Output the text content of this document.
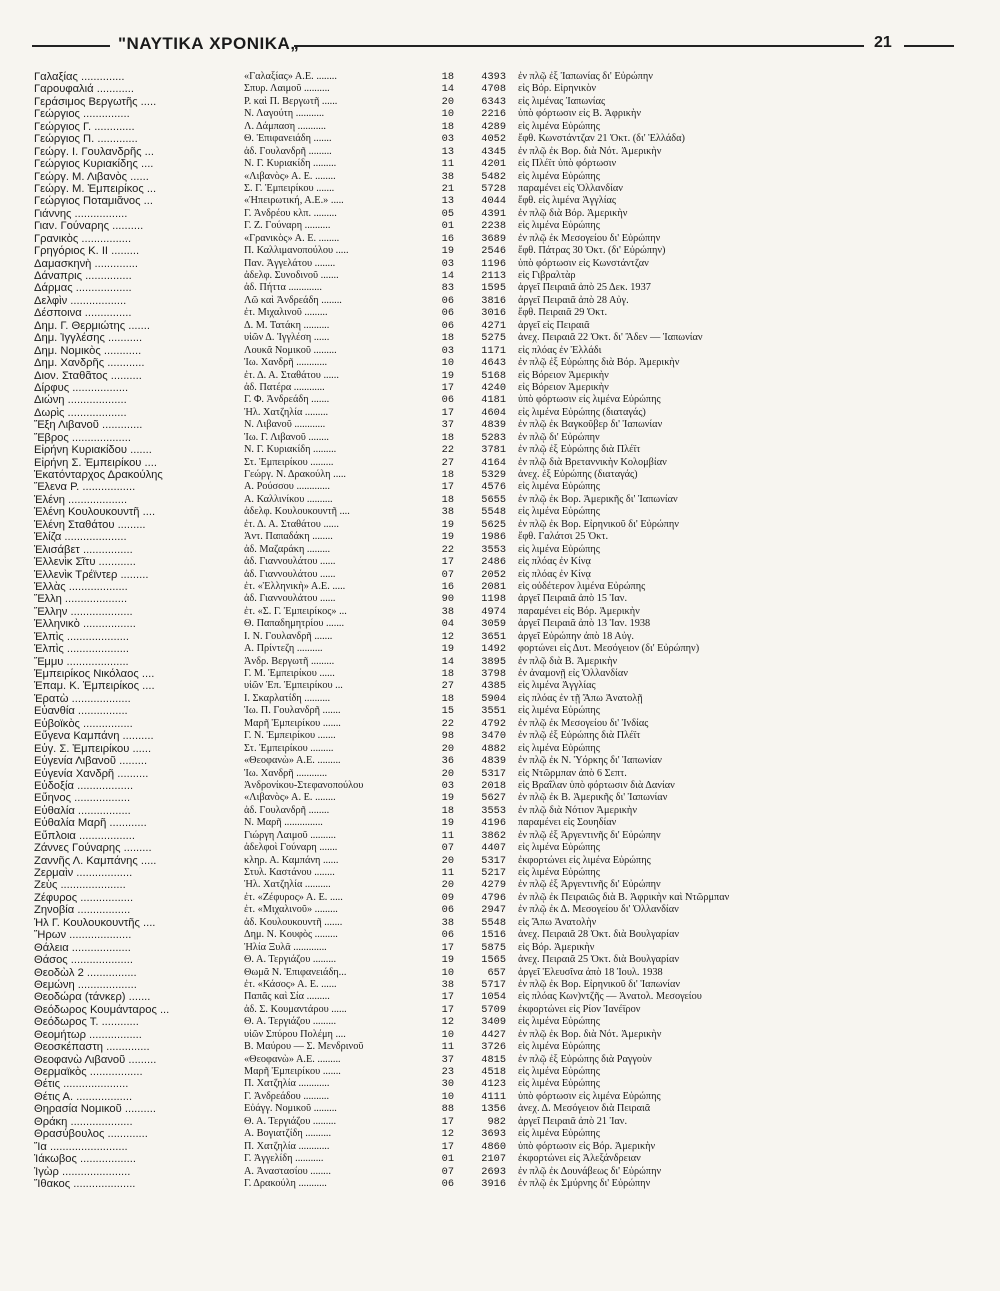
"ΝΑΥΤΙΚΑ ΧΡΟΝΙΚΑ„	21
Γαλαξίας ..............	«Γαλαξίας» Α.Ε. ........	18	4393 ἐν πλῷ ἐξ Ἰαπωνίας δι' Εὐρώπην
Γαρουφαλιά ............	Σπυρ. Λαιμοῦ ..........	14	4708 εἰς Βόρ. Εἰρηνικὸν
Γεράσιμος Βεργωτῆς .....	Ρ. καὶ Π. Βεργωτῆ ......	20	6343 εἰς λιμένας Ἰαπωνίας
Γεώργιος ...............	Ν. Λαγούτη ...........	10	2216 ὑπὸ φόρτωσιν εἰς Β. Ἀφρικὴν
Γεώργιος Γ. .............	Λ. Δάμπαση ...........	18	4289 εἰς λιμένα Εὐρώπης
Γεώργιος Π. .............	Θ. Ἐπιφανειάδη .......	03	4052 ἔφθ. Κωνστάντζαν 21 Ὀκτ. (δι' Ἑλλάδα)
Γεώργ. Ι. Γουλανδρῆς ...	ἀδ. Γουλανδρῆ .........	13	4345 ἐν πλῷ ἐκ Βορ. διὰ Νότ. Ἀμερικὴν
Γεώργιος Κυριακίδης ....	Ν. Γ. Κυριακίδη .........	11	4201 εἰς Πλέϊτ ὑπὸ φόρτωσιν
Γεώργ. Μ. Λιβανὸς ......	«Λιβανὸς» Α. Ε. ........	38	5482 εἰς λιμένα Εὐρώπης
Γεώργ. Μ. Ἐμπειρίκος ...	Σ. Γ. Ἐμπειρίκου .......	21	5728 παραμένει εἰς Ὀλλανδίαν
Γεώργιος Ποταμιᾶνος ...	«Ἠπειρωτική, Α.Ε.» .....	13	4044 ἔφθ. εἰς λιμένα Ἀγγλίας
Γιάννης .................	Γ. Ἀνδρέου κλπ. .........	05	4391 ἐν πλῷ διὰ Βόρ. Ἀμερικὴν
Γιαν. Γούναρης ..........	Γ. Ζ. Γούναρη ..........	01	2238 εἰς λιμένα Εὐρώπης
Γρανικὸς ................	«Γρανικὸς» Α. Ε. ........	16	3689 ἐν πλῷ ἐκ Μεσογείου δι' Εὐρώπην
Γρηγόριος Κ. ΙΙ .........	Π. Καλλιμανοπούλου .....	19	2546 ἔφθ. Πάτρας 30 Ὀκτ. (δι' Εὐρώπην)
Δαμασκηνὴ ..............	Παν. Ἀγγελάτου ........	03	1196 ὑπὸ φόρτωσιν εἰς Κωνστάντζαν
Δάναπρις ...............	ἀδελφ. Συνοδινοῦ .......	14	2113 εἰς Γιβραλτὰρ
Δάρμας ..................	ἀδ. Πήττα .............	83	1595 ἀργεῖ Πειραιᾶ ἀπὸ 25 Δεκ. 1937
Δελφὶν ..................	Λῶ καὶ Ἀνδρεάδη ........	06	3816 ἀργεῖ Πειραιᾶ ἀπὸ 28 Αὐγ.
Δέσποινα ...............	ἐτ. Μιχαλινοῦ .........	06	3016 ἔφθ. Πειραιᾶ 29 Ὀκτ.
Δημ. Γ. Θερμιώτης .......	Δ. Μ. Τατάκη ..........	06	4271 ἀργεῖ εἰς Πειραιᾶ
Δημ. Ἰγγλέσης ...........	υἱῶν Δ. Ἰγγλέση ......	18	5275 ἀνεχ. Πειραιᾶ 22 Ὀκτ. δι' Ἄδεν — Ἰαπωνίαν
Δημ. Νομικὸς ............	Λουκᾶ Νομικοῦ .........	03	1171 εἰς πλόας ἐν Ἑλλάδι
Δημ. Χανδρῆς ............	Ἰω. Χανδρῆ ............	10	4643 ἐν πλῷ ἐξ Εὐρώπης διὰ Βόρ. Ἀμερικὴν
Διον. Σταθᾶτος ..........	ἐτ. Δ. Α. Σταθάτου ......	19	5168 εἰς Βόρειον Ἀμερικὴν
Δίρφυς ..................	ἀδ. Πατέρα ............	17	4240 εἰς Βόρειον Ἀμερικὴν
Διώνη ...................	Γ. Φ. Ἀνδρεάδη .......	06	4181 ὑπὸ φόρτωσιν εἰς λιμένα Εὐρώπης
Δωρὶς ...................	Ἠλ. Χατζηλία .........	17	4604 εἰς λιμένα Εὐρώπης (διαταγάς)
Ἔξη Λιβανοῦ .............	Ν. Λιβανοῦ ............	37	4839 ἐν πλῷ ἐκ Βαγκοῦβερ δι' Ἰαπωνίαν
Ἔβρος ...................	Ἰω. Γ. Λιβανοῦ ........	18	5283 ἐν πλῷ δι' Εὐρώπην
Εἰρήνη Κυριακίδου .......	Ν. Γ. Κυριακίδη .........	22	3781 ἐν πλῷ ἐξ Εὐρώπης διὰ Πλέϊτ
Εἰρήνη Σ. Ἐμπειρίκου ....	Στ. Ἐμπειρίκου .........	27	4164 ἐν πλῷ διὰ Βρεταννικὴν Κολομβίαν
Ἑκατόνταρχος Δρακούλης	Γεώργ. Ν. Δρακούλη .....	18	5329 ἀνεχ. ἐξ Εὐρώπης (διαταγάς)
Ἕλενα Ρ. .................	Α. Ρούσσου .............	17	4576 εἰς λιμένα Εὐρώπης
Ἑλένη ...................	Α. Καλλινίκου ..........	18	5655 ἐν πλῷ ἐκ Βορ. Ἀμερικῆς δι' Ἰαπωνίαν
Ἑλένη Κουλουκουντῆ ....	ἀδελφ. Κουλουκουντῆ ....	38	5548 εἰς λιμένα Εὐρώπης
Ἑλένη Σταθάτου .........	ἐτ. Δ. Α. Σταθάτου ......	19	5625 ἐν πλῷ ἐκ Βορ. Εἰρηνικοῦ δι' Εὐρώπην
Ἑλίζα ....................	Ἀντ. Παπαδάκη ........	19	1986 ἔφθ. Γαλάτσι 25 Ὀκτ.
Ἑλισάβετ ................	ἀδ. Μαζαράκη .........	22	3553 εἰς λιμένα Εὐρώπης
Ἑλλενὶκ Σῖτυ ............	ἀδ. Γιαννουλάτου ......	17	2486 εἰς πλόας ἐν Κίνᾳ
Ἑλλενὶκ Τρέϊντερ .........	ἀδ. Γιαννουλάτου ......	07	2052 εἰς πλόας ἐν Κίνᾳ
Ἑλλὰς ...................	ἐτ. «Ἑλληνικὴ» Α.Ε. .....	16	2081 εἰς οὐδέτερον λιμένα Εὐρώπης
Ἕλλη ....................	ἀδ. Γιαννουλάτου ......	90	1198 ἀργεῖ Πειραιᾶ ἀπὸ 15 Ἰαν.
Ἕλλην ....................	ἐτ. «Σ. Γ. Ἐμπειρίκος» ...	38	4974 παραμένει εἰς Βόρ. Ἀμερικὴν
Ἑλληνικὸ .................	Θ. Παπαδημητρίου .......	04	3059 ἀργεῖ Πειραιᾶ ἀπὸ 13 Ἰαν. 1938
Ἐλπὶς ....................	Ι. Ν. Γουλανδρῆ .......	12	3651 ἀργεῖ Εὐρώπην ἀπὸ 18 Αὐγ.
Ἐλπὶς ....................	Α. Πρίντεζη ..........	19	1492 φορτώνει εἰς Δυτ. Μεσόγειον (δι' Εὐρώπην)
Ἔμμυ ....................	Ἀνδρ. Βεργωτῆ .........	14	3895 ἐν πλῷ διὰ Β. Ἀμερικὴν
Ἐμπειρίκος Νικόλαος ....	Γ. Μ. Ἐμπειρίκου ......	18	3798 ἐν ἀναμονῇ εἰς Ὀλλανδίαν
Ἐπαμ. Κ. Ἐμπειρίκος ....	υἱῶν Ἐπ. Ἐμπειρίκου ...	27	4385 εἰς λιμένα Ἀγγλίας
Ἐρατὼ ...................	Ι. Σκαρλατίδη ..........	18	5904 εἰς πλόας ἐν τῇ Ἄπω Ἀνατολῇ
Εὐανθία ................	Ἰω. Π. Γουλανδρῆ .......	15	3551 εἰς λιμένα Εὐρώπης
Εὐβοϊκὸς ................	Μαρῆ Ἐμπειρίκου .......	22	4792 ἐν πλῷ ἐκ Μεσογείου δι' Ἰνδίας
Εὔγενα Καμπάνη ..........	Γ. Ν. Ἐμπειρίκου .......	98	3470 ἐν πλῷ ἐξ Εὐρώπης διὰ Πλέϊτ
Εὐγ. Σ. Ἐμπειρίκου ......	Στ. Ἐμπειρίκου .........	20	4882 εἰς λιμένα Εὐρώπης
Εὐγενία Λιβανοῦ .........	«Θεοφανὼ» Α.Ε. .........	36	4839 ἐν πλῷ ἐκ Ν. Ὑόρκης δι' Ἰαπωνίαν
Εὐγενία Χανδρῆ ..........	Ἰω. Χανδρῆ ............	20	5317 εἰς Ντῶρμπαν ἀπὸ 6 Σεπτ.
Εὐδοξία ..................	Ἀνδρονίκου-Στεφανοπούλου	03	2018 εἰς Βραΐλαν ὑπὸ φόρτωσιν διὰ Δανίαν
Εὔηνος ..................	«Λιβανὸς» Α. Ε. ........	19	5627 ἐν πλῷ ἐκ Β. Ἀμερικῆς δι' Ἰαπωνίαν
Εὐθαλία .................	ἀδ. Γουλανδρῆ ........	18	3553 ἐν πλῷ διὰ Νότιον Ἀμερικὴν
Εὐθαλία Μαρῆ ............	Ν. Μαρῆ ...............	19	4196 παραμένει εἰς Σουηδίαν
Εὔπλοια ..................	Γιώργη Λαιμοῦ ..........	11	3862 ἐν πλῷ ἐξ Ἀργεντινῆς δι' Εὐρώπην
Ζάννες Γούναρης .........	ἀδελφοὶ Γούναρη .......	07	4407 εἰς λιμένα Εὐρώπης
Ζαννῆς Λ. Καμπάνης .....	κληρ. Α. Καμπάνη ......	20	5317 ἐκφορτώνει εἰς λιμένα Εὐρώπης
Ζερμαὶν ..................	Στυλ. Καστάνου ........	11	5217 εἰς λιμένα Εὐρώπης
Ζεὺς .....................	Ἠλ. Χατζηλία ..........	20	4279 ἐν πλῷ ἐξ Ἀργεντινῆς δι' Εὐρώπην
Ζέφυρος .................	ἐτ. «Ζέφυρος» Α. Ε. .....	09	4796 ἐν πλῷ ἐκ Πειραιῶς διὰ Β. Ἀφρικὴν καὶ Ντῶρμπαν
Ζηνοβία .................	ἐτ. «Μιχαλινοῦ» .........	06	2947 ἐν πλῷ ἐκ Δ. Μεσογείου δι' Ὀλλανδίαν
Ἠλ Γ. Κουλουκουντῆς ....	ἀδ. Κουλουκουντῆ .......	38	5548 εἰς Ἄπω Ἀνατολὴν
Ἥρων ....................	Δημ. Ν. Κουφὸς .........	06	1516 ἀνεχ. Πειραιᾶ 28 Ὀκτ. διὰ Βουλγαρίαν
Θάλεια ...................	Ἠλία Ξυλᾶ .............	17	5875 εἰς Βόρ. Ἀμερικὴν
Θάσος ....................	Θ. Α. Τεργιάζου .........	19	1565 ἀνεχ. Πειραιᾶ 25 Ὀκτ. διὰ Βουλγαρίαν
Θεοδὼλ 2 ................	Θωμᾶ Ν. Ἐπιφανειάδη...	10	657 ἀργεῖ Ἐλευσῖνα ἀπὸ 18 Ἰουλ. 1938
Θεμώνη ...................	ἐτ. «Κάσος» Α. Ε. ......	38	5717 ἐν πλῷ ἐκ Βορ. Εἰρηνικοῦ δι' Ἰαπωνίαν
Θεοδώρα (τάνκερ) .......	Παπᾶς καὶ Σία .........	17	1054 εἰς πλόας Κων)ντζῆς — Ἀνατολ. Μεσογείου
Θεόδωρος Κουμάνταρος ...	ἀδ. Σ. Κουμαντάρου ......	17	5709 ἐκφορτώνει εἰς Ρίον Ἰανέϊρον
Θεόδωρος Τ. ............	Θ. Α. Τεργιάζου .........	12	3409 εἰς λιμένα Εὐρώπης
Θεομήτωρ .................	υἱῶν Σπύρου Πολέμη ....	10	4427 ἐν πλῷ ἐκ Βορ. διὰ Νότ. Ἀμερικὴν
Θεοσκέπαστη ..............	Β. Μαύρου — Σ. Μενδρινοῦ	11	3726 εἰς λιμένα Εὐρώπης
Θεοφανὼ Λιβανοῦ .........	«Θεοφανὼ» Α.Ε. .........	37	4815 ἐν πλῷ ἐξ Εὐρώπης διὰ Ραγγοὺν
Θερμαϊκὸς .................	Μαρῆ Ἐμπειρίκου .......	23	4518 εἰς λιμένα Εὐρώπης
Θέτις .....................	Π. Χατζηλία ............	30	4123 εἰς λιμένα Εὐρώπης
Θέτις Α. ..................	Γ. Ἀνδρεάδου ..........	10	4111 ὑπὸ φόρτωσιν εἰς λιμένα Εὐρώπης
Θηρασία Νομικοῦ ..........	Εὐάγγ. Νομικοῦ .........	88	1356 ἀνεχ. Δ. Μεσόγειον διὰ Πειραιᾶ
Θράκη ....................	Θ. Α. Τεργιάζου .........	17	982 ἀργεῖ Πειραιᾶ ἀπὸ 21 Ἰαν.
Θρασύβουλος .............	Α. Βογιατζίδη ..........	12	3693 εἰς λιμένα Εὐρώπης
Ἴα .........................	Π. Χατζηλία ............	17	4860 ὑπὸ φόρτωσιν εἰς Βόρ. Ἀμερικὴν
Ἰάκωβος ..................	Γ. Ἀγγελίδη ...........	01	2107 ἐκφορτώνει εἰς Ἀλεξάνδρειαν
Ἰγὼρ ......................	Α. Ἀναστασίου ........	07	2693 ἐν πλῷ ἐκ Δουνάβεως δι' Εὐρώπην
Ἴθακος ....................	Γ. Δρακούλη ...........	06	3916 ἐν πλῷ ἐκ Σμύρνης δι' Εὐρώπην
